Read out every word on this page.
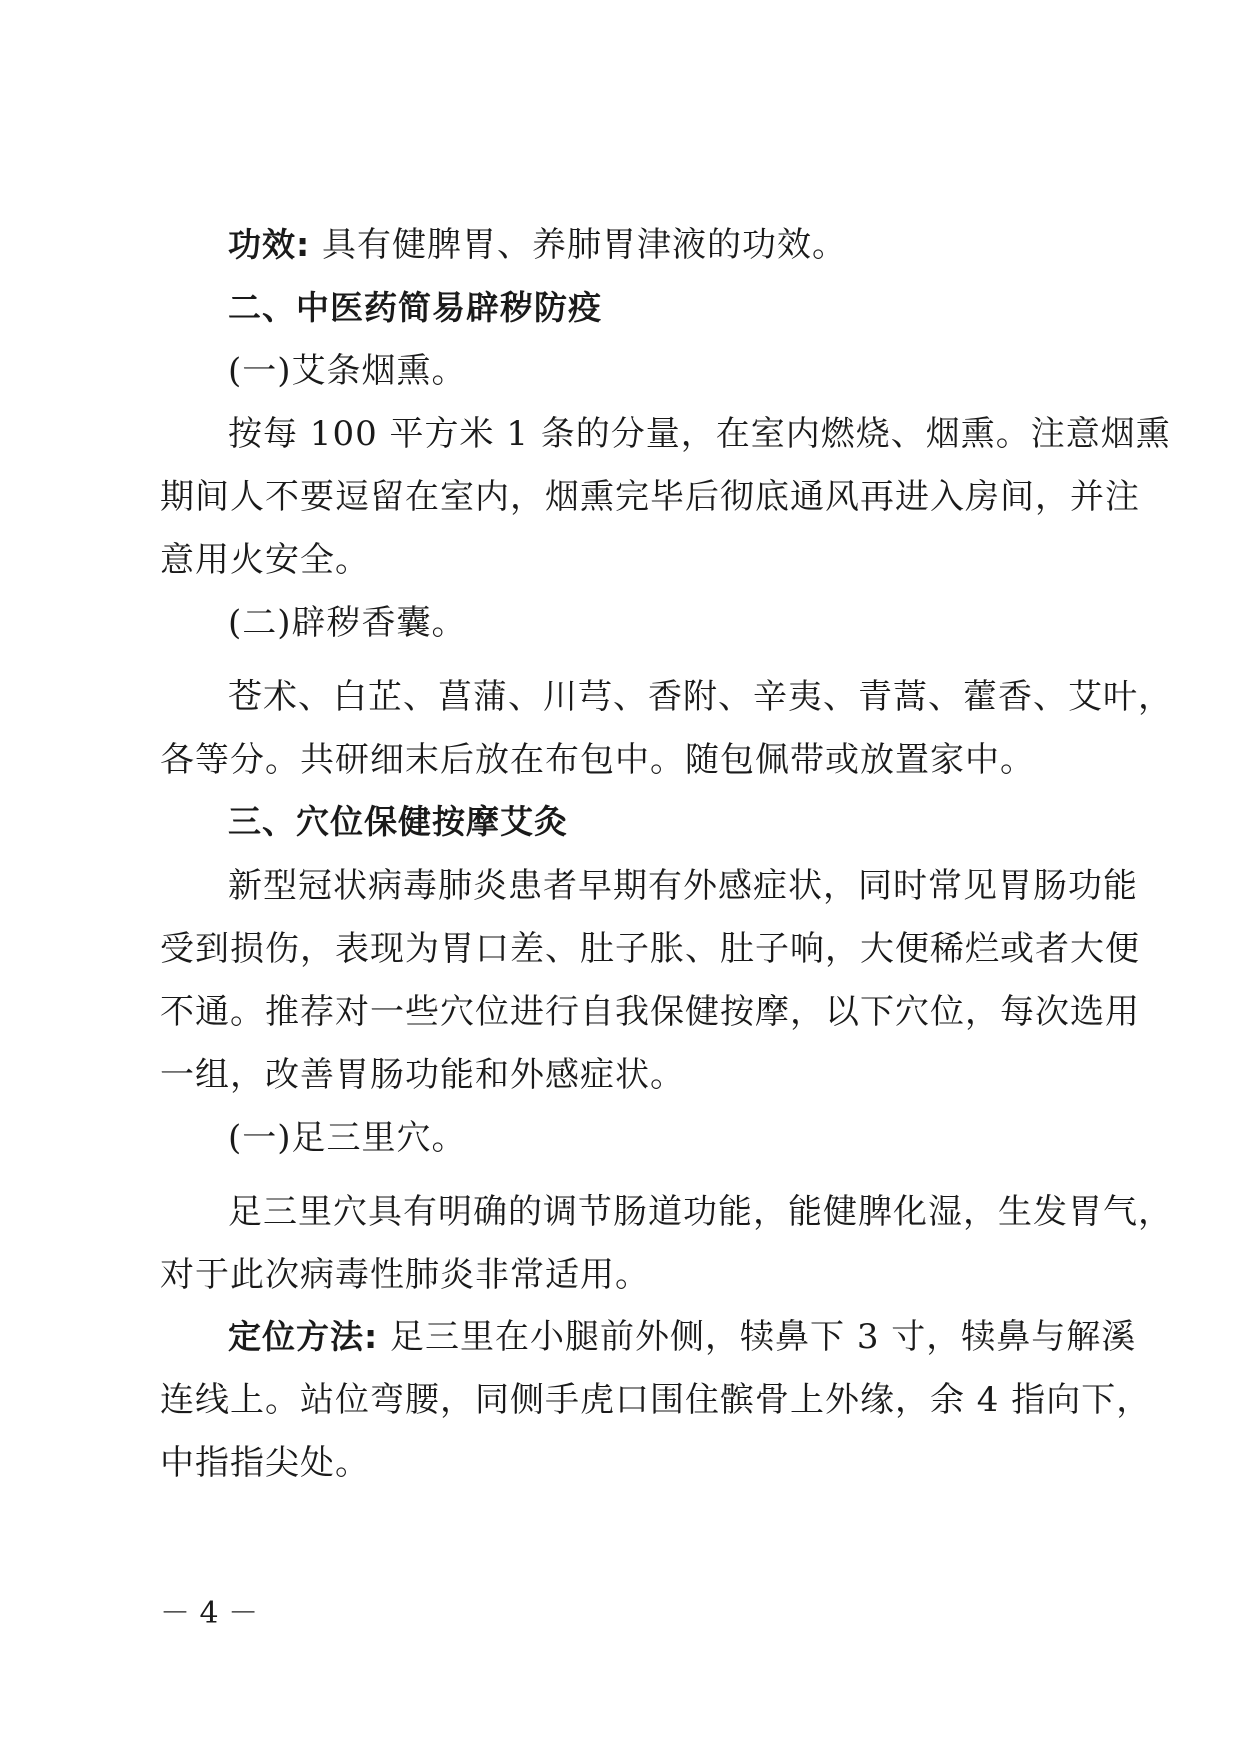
功效: 具有健脾胃、养肺胃津液的功效。

二、中医药简易辟秽防疫

(一)艾条烟熏。

按每 100 平方米 1 条的分量，在室内燃烧、烟熏。注意烟熏

期间人不要逗留在室内，烟熏完毕后彻底通风再进入房间，并注

意用火安全。

(二)辟秽香囊。

苍术、白芷、菖蒲、川芎、香附、辛夷、青蒿、藿香、艾叶，

各等分。共研细末后放在布包中。随包佩带或放置家中。

三、穴位保健按摩艾灸

新型冠状病毒肺炎患者早期有外感症状，同时常见胃肠功能

受到损伤，表现为胃口差、肚子胀、肚子响，大便稀烂或者大便

不通。推荐对一些穴位进行自我保健按摩，以下穴位，每次选用

一组，改善胃肠功能和外感症状。

(一)足三里穴。

足三里穴具有明确的调节肠道功能，能健脾化湿，生发胃气，

对于此次病毒性肺炎非常适用。

定位方法: 足三里在小腿前外侧，犊鼻下 3 寸，犊鼻与解溪

连线上。站位弯腰，同侧手虎口围住髌骨上外缘，余 4 指向下，

中指指尖处。

－ 4 －
